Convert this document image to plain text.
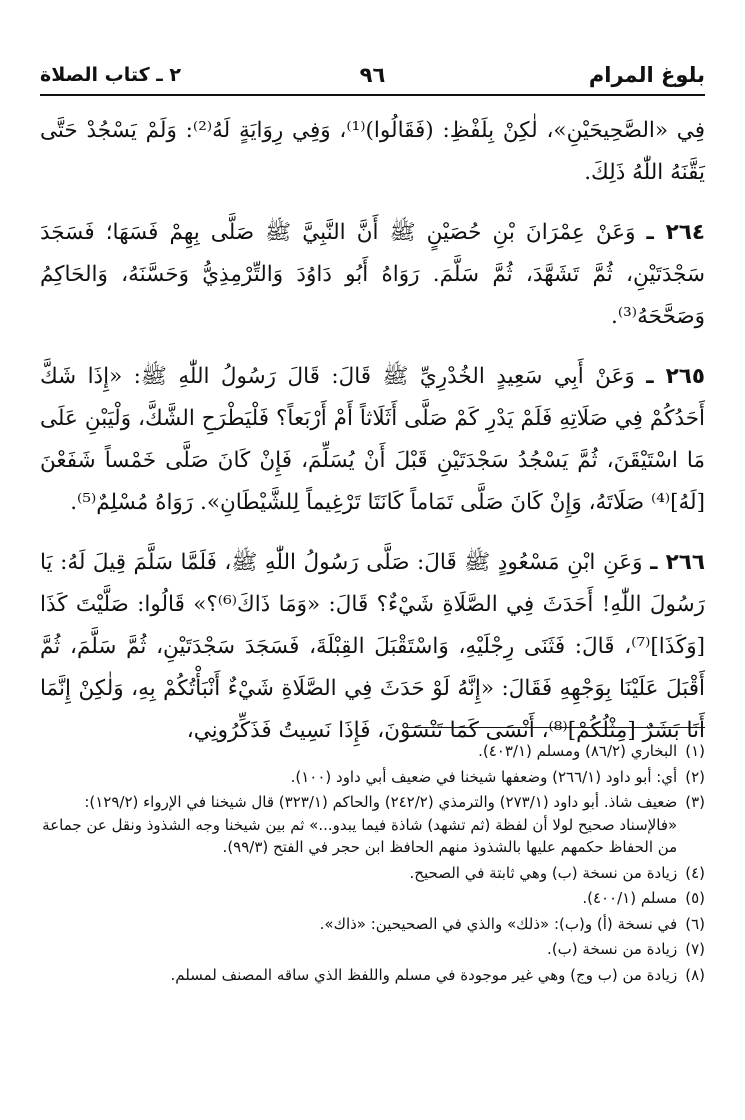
بلوغ المرام
٩٦
٢ ـ كتاب الصلاة

فِي «الصَّحِيحَيْنِ»، لٰكِنْ بِلَفْظِ: (فَقَالُوا)⁽¹⁾، وَفِي رِوَايَةٍ لَهُ⁽²⁾: وَلَمْ يَسْجُدْ حَتَّى يَقَّنَهُ اللّٰهُ ذَلِكَ.

٢٦٤ ـ وَعَنْ عِمْرَانَ بْنِ حُصَيْنٍ ﷺ أَنَّ النَّبِيَّ ﷺ صَلَّى بِهِمْ فَسَهَا؛ فَسَجَدَ سَجْدَتَيْنِ، ثُمَّ تَشَهَّدَ، ثُمَّ سَلَّمَ. رَوَاهُ أَبُو دَاوُدَ وَالتِّرْمِذِيُّ وَحَسَّنَهُ، وَالحَاكِمُ وَصَحَّحَهُ⁽³⁾.

٢٦٥ ـ وَعَنْ أَبِي سَعِيدٍ الخُدْرِيِّ ﷺ قَالَ: قَالَ رَسُولُ اللّٰهِ ﷺ: «إِذَا شَكَّ أَحَدُكُمْ فِي صَلَاتِهِ فَلَمْ يَدْرِ كَمْ صَلَّى أَثَلَاثاً أَمْ أَرْبَعاً؟ فَلْيَطْرَحِ الشَّكَّ، وَلْيَبْنِ عَلَى مَا اسْتَيْقَنَ، ثُمَّ يَسْجُدُ سَجْدَتَيْنِ قَبْلَ أَنْ يُسَلِّمَ، فَإِنْ كَانَ صَلَّى خَمْساً شَفَعْنَ [لَهُ]⁽⁴⁾ صَلَاتَهُ، وَإِنْ كَانَ صَلَّى تَمَاماً كَانَتَا تَرْغِيماً لِلشَّيْطَانِ». رَوَاهُ مُسْلِمٌ⁽⁵⁾.

٢٦٦ ـ وَعَنِ ابْنِ مَسْعُودٍ ﷺ قَالَ: صَلَّى رَسُولُ اللّٰهِ ﷺ، فَلَمَّا سَلَّمَ قِيلَ لَهُ: يَا رَسُولَ اللّٰهِ! أَحَدَثَ فِي الصَّلَاةِ شَيْءٌ؟ قَالَ: «وَمَا ذَاكَ⁽⁶⁾؟» قَالُوا: صَلَّيْتَ كَذَا [وَكَذَا]⁽⁷⁾، قَالَ: فَثَنَى رِجْلَيْهِ، وَاسْتَقْبَلَ القِبْلَةَ، فَسَجَدَ سَجْدَتَيْنِ، ثُمَّ سَلَّمَ، ثُمَّ أَقْبَلَ عَلَيْنَا بِوَجْهِهِ فَقَالَ: «إِنَّهُ لَوْ حَدَثَ فِي الصَّلَاةِ شَيْءٌ أَنْبَأْتُكُمْ بِهِ، وَلٰكِنْ إِنَّمَا أَنَا بَشَرٌ [مِثْلُكُمْ]⁽⁸⁾، أَنْسَى كَمَا تَنْسَوْنَ، فَإِذَا نَسِيتُ فَذَكِّرُونِي،

(١)
البخاري (٨٦/٢) ومسلم (٤٠٣/١).
(٢)
أي: أبو داود (٢٦٦/١) وضعفها شيخنا في ضعيف أبي داود (١٠٠).
(٣)
ضعيف شاذ. أبو داود (٢٧٣/١) والترمذي (٢٤٢/٢) والحاكم (٣٢٣/١) قال شيخنا في الإرواء (١٢٩/٢): «فالإسناد صحيح لولا أن لفظة (ثم تشهد) شاذة فيما يبدو...» ثم بين شيخنا وجه الشذوذ ونقل عن جماعة من الحفاظ حكمهم عليها بالشذوذ منهم الحافظ ابن حجر في الفتح (٩٩/٣).
(٤)
زيادة من نسخة (ب) وهي ثابتة في الصحيح.
(٥)
مسلم (٤٠٠/١).
(٦)
في نسخة (أ) و(ب): «ذلك» والذي في الصحيحين: «ذاك».
(٧)
زيادة من نسخة (ب).
(٨)
زيادة من (ب وج) وهي غير موجودة في مسلم واللفظ الذي ساقه المصنف لمسلم.
